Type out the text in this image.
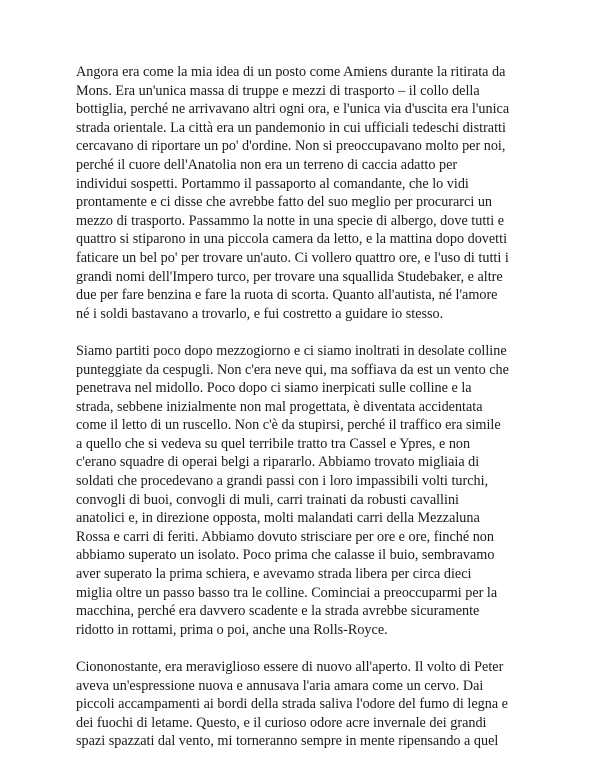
Angora era come la mia idea di un posto come Amiens durante la ritirata da
Mons. Era un'unica massa di truppe e mezzi di trasporto – il collo della
bottiglia, perché ne arrivavano altri ogni ora, e l'unica via d'uscita era l'unica
strada orientale. La città era un pandemonio in cui ufficiali tedeschi distratti
cercavano di riportare un po' d'ordine. Non si preoccupavano molto per noi,
perché il cuore dell'Anatolia non era un terreno di caccia adatto per
individui sospetti. Portammo il passaporto al comandante, che lo vidi
prontamente e ci disse che avrebbe fatto del suo meglio per procurarci un
mezzo di trasporto. Passammo la notte in una specie di albergo, dove tutti e
quattro si stiparono in una piccola camera da letto, e la mattina dopo dovetti
faticare un bel po' per trovare un'auto. Ci vollero quattro ore, e l'uso di tutti i
grandi nomi dell'Impero turco, per trovare una squallida Studebaker, e altre
due per fare benzina e fare la ruota di scorta. Quanto all'autista, né l'amore
né i soldi bastavano a trovarlo, e fui costretto a guidare io stesso.

Siamo partiti poco dopo mezzogiorno e ci siamo inoltrati in desolate colline
punteggiate da cespugli. Non c'era neve qui, ma soffiava da est un vento che
penetrava nel midollo. Poco dopo ci siamo inerpicati sulle colline e la
strada, sebbene inizialmente non mal progettata, è diventata accidentata
come il letto di un ruscello. Non c'è da stupirsi, perché il traffico era simile
a quello che si vedeva su quel terribile tratto tra Cassel e Ypres, e non
c'erano squadre di operai belgi a ripararlo. Abbiamo trovato migliaia di
soldati che procedevano a grandi passi con i loro impassibili volti turchi,
convogli di buoi, convogli di muli, carri trainati da robusti cavallini
anatolici e, in direzione opposta, molti malandati carri della Mezzaluna
Rossa e carri di feriti. Abbiamo dovuto strisciare per ore e ore, finché non
abbiamo superato un isolato. Poco prima che calasse il buio, sembravamo
aver superato la prima schiera, e avevamo strada libera per circa dieci
miglia oltre un passo basso tra le colline. Cominciai a preoccuparmi per la
macchina, perché era davvero scadente e la strada avrebbe sicuramente
ridotto in rottami, prima o poi, anche una Rolls-Royce.

Ciononostante, era meraviglioso essere di nuovo all'aperto. Il volto di Peter
aveva un'espressione nuova e annusava l'aria amara come un cervo. Dai
piccoli accampamenti ai bordi della strada saliva l'odore del fumo di legna e
dei fuochi di letame. Questo, e il curioso odore acre invernale dei grandi
spazi spazzati dal vento, mi torneranno sempre in mente ripensando a quel
